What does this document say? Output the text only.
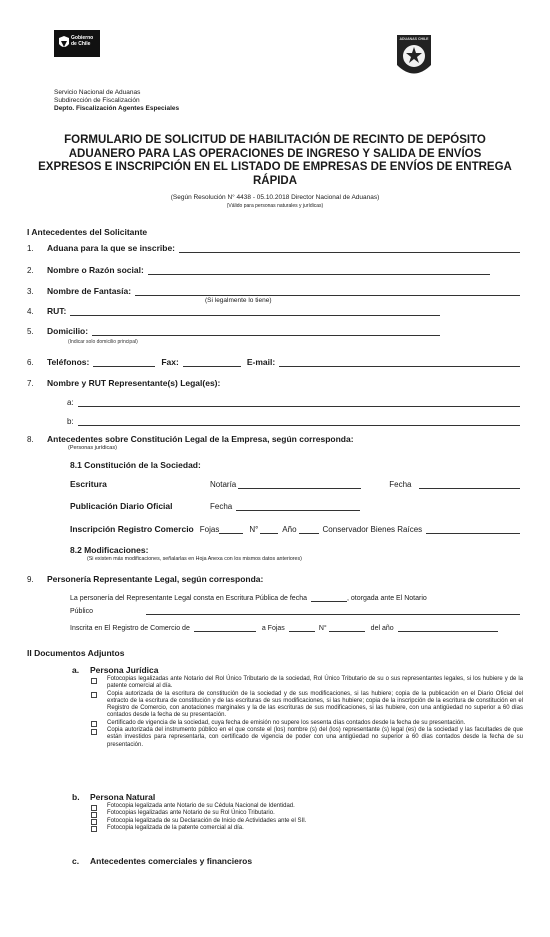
Gobierno
de Chile
ADUANAS CHILE
Servicio Nacional de Aduanas
Subdirección de Fiscalización
Depto. Fiscalización Agentes Especiales
FORMULARIO DE SOLICITUD DE HABILITACIÓN DE RECINTO DE DEPÓSITO
ADUANERO PARA LAS OPERACIONES DE INGRESO Y SALIDA DE ENVÍOS
EXPRESOS E INSCRIPCIÓN EN EL LISTADO DE EMPRESAS DE ENVÍOS DE ENTREGA
RÁPIDA
(Según Resolución N° 4438 - 05.10.2018 Director Nacional de Aduanas)
(Válido para personas naturales y jurídicas)
I Antecedentes del Solicitante
1.	Aduana para la que se inscribe:
2.	Nombre o Razón social:
3.	Nombre de Fantasía:
(Si legalmente lo tiene)
4.	RUT:
5.	Domicilio:
(Indicar solo domicilio principal)
6.	Teléfonos:	Fax:	E-mail:
7.	Nombre y RUT Representante(s) Legal(es):
a:
b:
8.	Antecedentes sobre Constitución Legal de la Empresa, según corresponda:
(Personas jurídicas)
8.1 Constitución de la Sociedad:
Escritura	Notaría	Fecha
Publicación Diario Oficial	Fecha
Inscripción Registro Comercio Fojas	N°	Año	Conservador Bienes Raíces
8.2 Modificaciones:
(Si existen más modificaciones, señalarlas en Hoja Anexa con los mismos datos anteriores)
9.	Personería Representante Legal, según corresponda:
La personería del Representante Legal consta en Escritura Pública de fecha	, otorgada ante El Notario
Público
Inscrita en El Registro de Comercio de	a Fojas	N°	del año
II Documentos Adjuntos
a. Persona Jurídica
Fotocopias legalizadas ante Notario del Rol Único Tributario de la sociedad, Rol Único Tributario de su o sus representantes legales, si los hubiere y de la patente comercial al día.
Copia autorizada de la escritura de constitución de la sociedad y de sus modificaciones, si las hubiere; copia de la publicación en el Diario Oficial del extracto de la escritura de constitución y de las escrituras de sus modificaciones, si las hubiere; copia de la inscripción de la escritura de constitución en el Registro de Comercio, con anotaciones marginales y la de las escrituras de sus modificaciones, si las hubiere, con una antigüedad no superior a 60 días contados desde la fecha de su presentación.
Certificado de vigencia de la sociedad, cuya fecha de emisión no supere los sesenta días contados desde la fecha de su presentación.
Copia autorizada del instrumento público en el que conste el (los) nombre (s) del (los) representante (s) legal (es) de la sociedad y las facultades de que están investidos para representarla, con certificado de vigencia de poder con una antigüedad no superior a 60 días contados desde la fecha de su presentación.
b. Persona Natural
Fotocopia legalizada ante Notario de su Cédula Nacional de Identidad.
Fotocopias legalizadas ante Notario de su Rol Único Tributario.
Fotocopia legalizada de su Declaración de Inicio de Actividades ante el SII.
Fotocopia legalizada de la patente comercial al día.
c. Antecedentes comerciales y financieros
